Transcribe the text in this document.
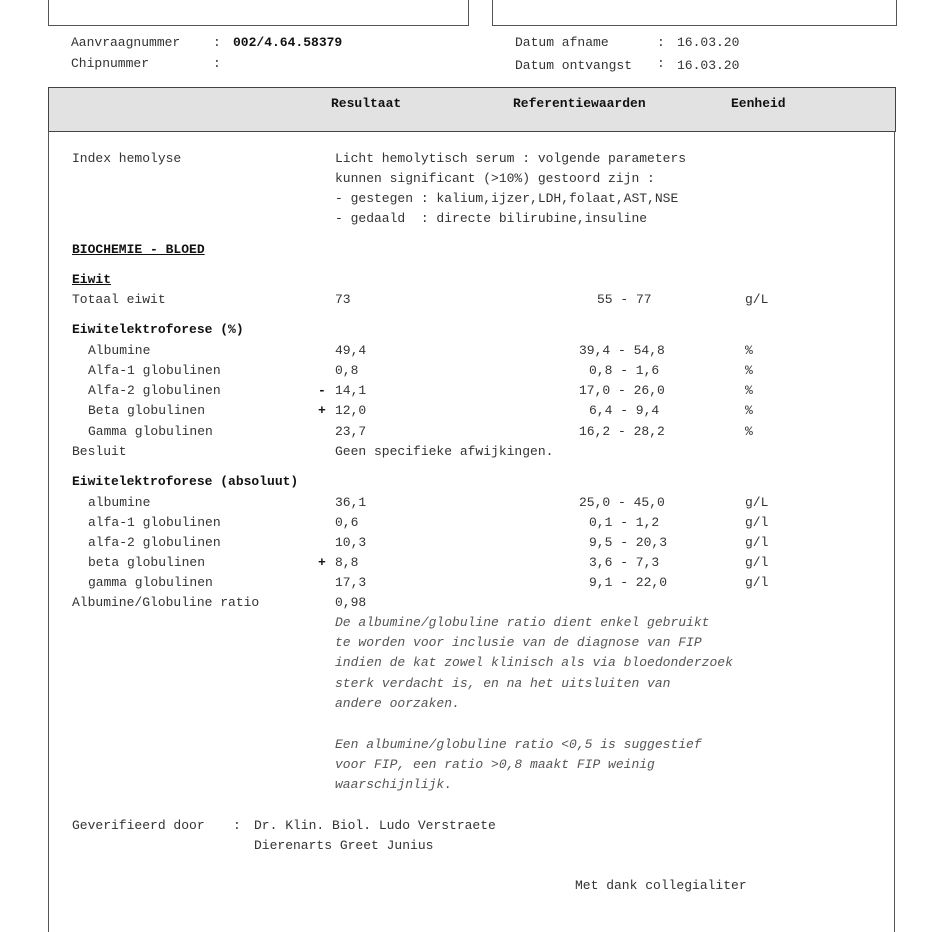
Aanvraagnummer	: 002/4.64.58379
Chipnummer	:
Datum afname	: 16.03.20
Datum ontvangst : 16.03.20
Resultaat	Referentiewaarden	Eenheid
Index hemolyse	Licht hemolytisch serum : volgende parameters
kunnen significant (>10%) gestoord zijn :
- gestegen : kalium,ijzer,LDH,folaat,AST,NSE
- gedaald  : directe bilirubine,insuline
BIOCHEMIE - BLOED
Eiwit
Totaal eiwit	73	55 - 77	g/L
Eiwitelektroforese (%)
Albumine	49,4	39,4 - 54,8	%
Alfa-1 globulinen	0,8	0,8 - 1,6	%
Alfa-2 globulinen	- 14,1	17,0 - 26,0	%
Beta globulinen	+ 12,0	6,4 - 9,4	%
Gamma globulinen	23,7	16,2 - 28,2	%
Besluit	Geen specifieke afwijkingen.
Eiwitelektroforese (absoluut)
albumine	36,1	25,0 - 45,0	g/L
alfa-1 globulinen	0,6	0,1 - 1,2	g/l
alfa-2 globulinen	10,3	9,5 - 20,3	g/l
beta globulinen	+ 8,8	3,6 - 7,3	g/l
gamma globulinen	17,3	9,1 - 22,0	g/l
Albumine/Globuline ratio	0,98
De albumine/globuline ratio dient enkel gebruikt
te worden voor inclusie van de diagnose van FIP
indien de kat zowel klinisch als via bloedonderzoek
sterk verdacht is, en na het uitsluiten van
andere oorzaken.
Een albumine/globuline ratio <0,5 is suggestief
voor FIP, een ratio >0,8 maakt FIP weinig
waarschijnlijk.
Geverifieerd door : Dr. Klin. Biol. Ludo Verstraete
Dierenarts Greet Junius
Met dank collegialiter
